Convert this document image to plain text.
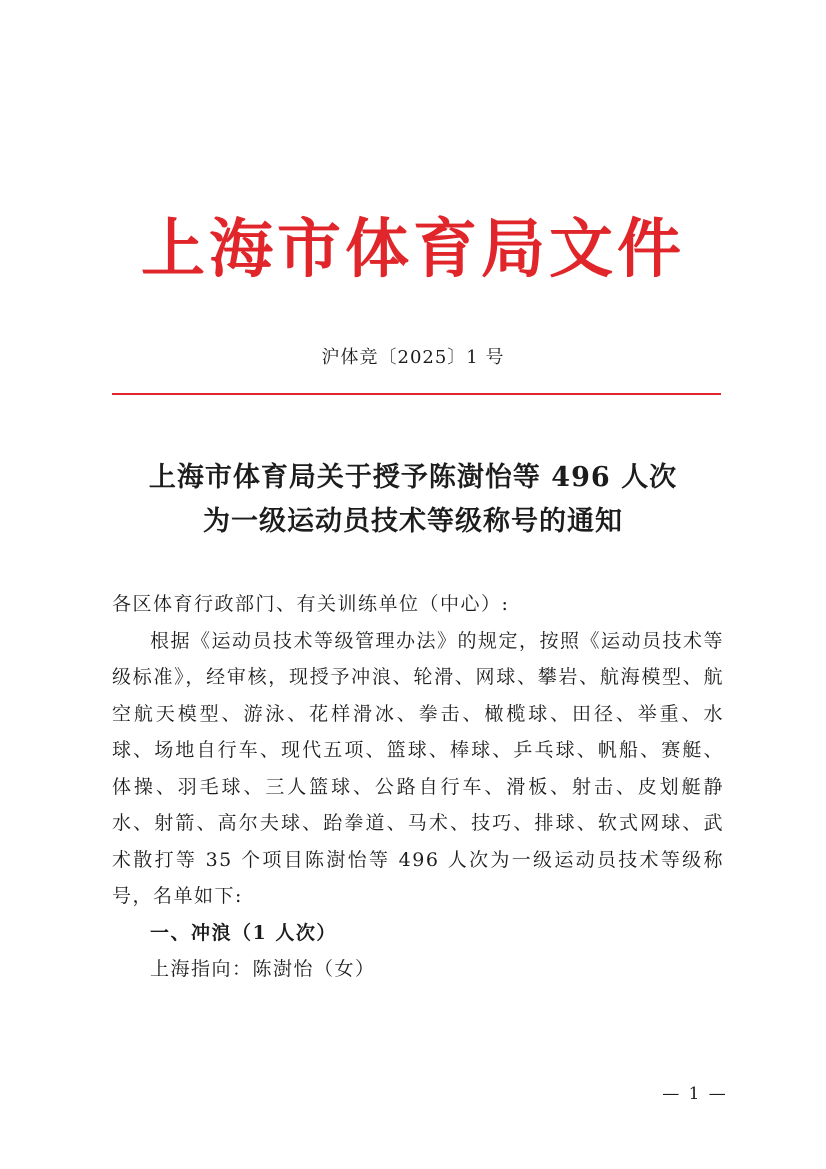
上海市体育局文件
沪体竞〔2025〕1 号
上海市体育局关于授予陈澍怡等 496 人次
为一级运动员技术等级称号的通知
各区体育行政部门、有关训练单位（中心）:
根据《运动员技术等级管理办法》的规定，按照《运动员技术等级标准》，经审核，现授予冲浪、轮滑、网球、攀岩、航海模型、航空航天模型、游泳、花样滑冰、拳击、橄榄球、田径、举重、水球、场地自行车、现代五项、篮球、棒球、乒乓球、帆船、赛艇、体操、羽毛球、三人篮球、公路自行车、滑板、射击、皮划艇静水、射箭、高尔夫球、跆拳道、马术、技巧、排球、软式网球、武术散打等 35 个项目陈澍怡等 496 人次为一级运动员技术等级称号，名单如下:
一、冲浪（1 人次）
上海指向：陈澍怡（女）
— 1 —
